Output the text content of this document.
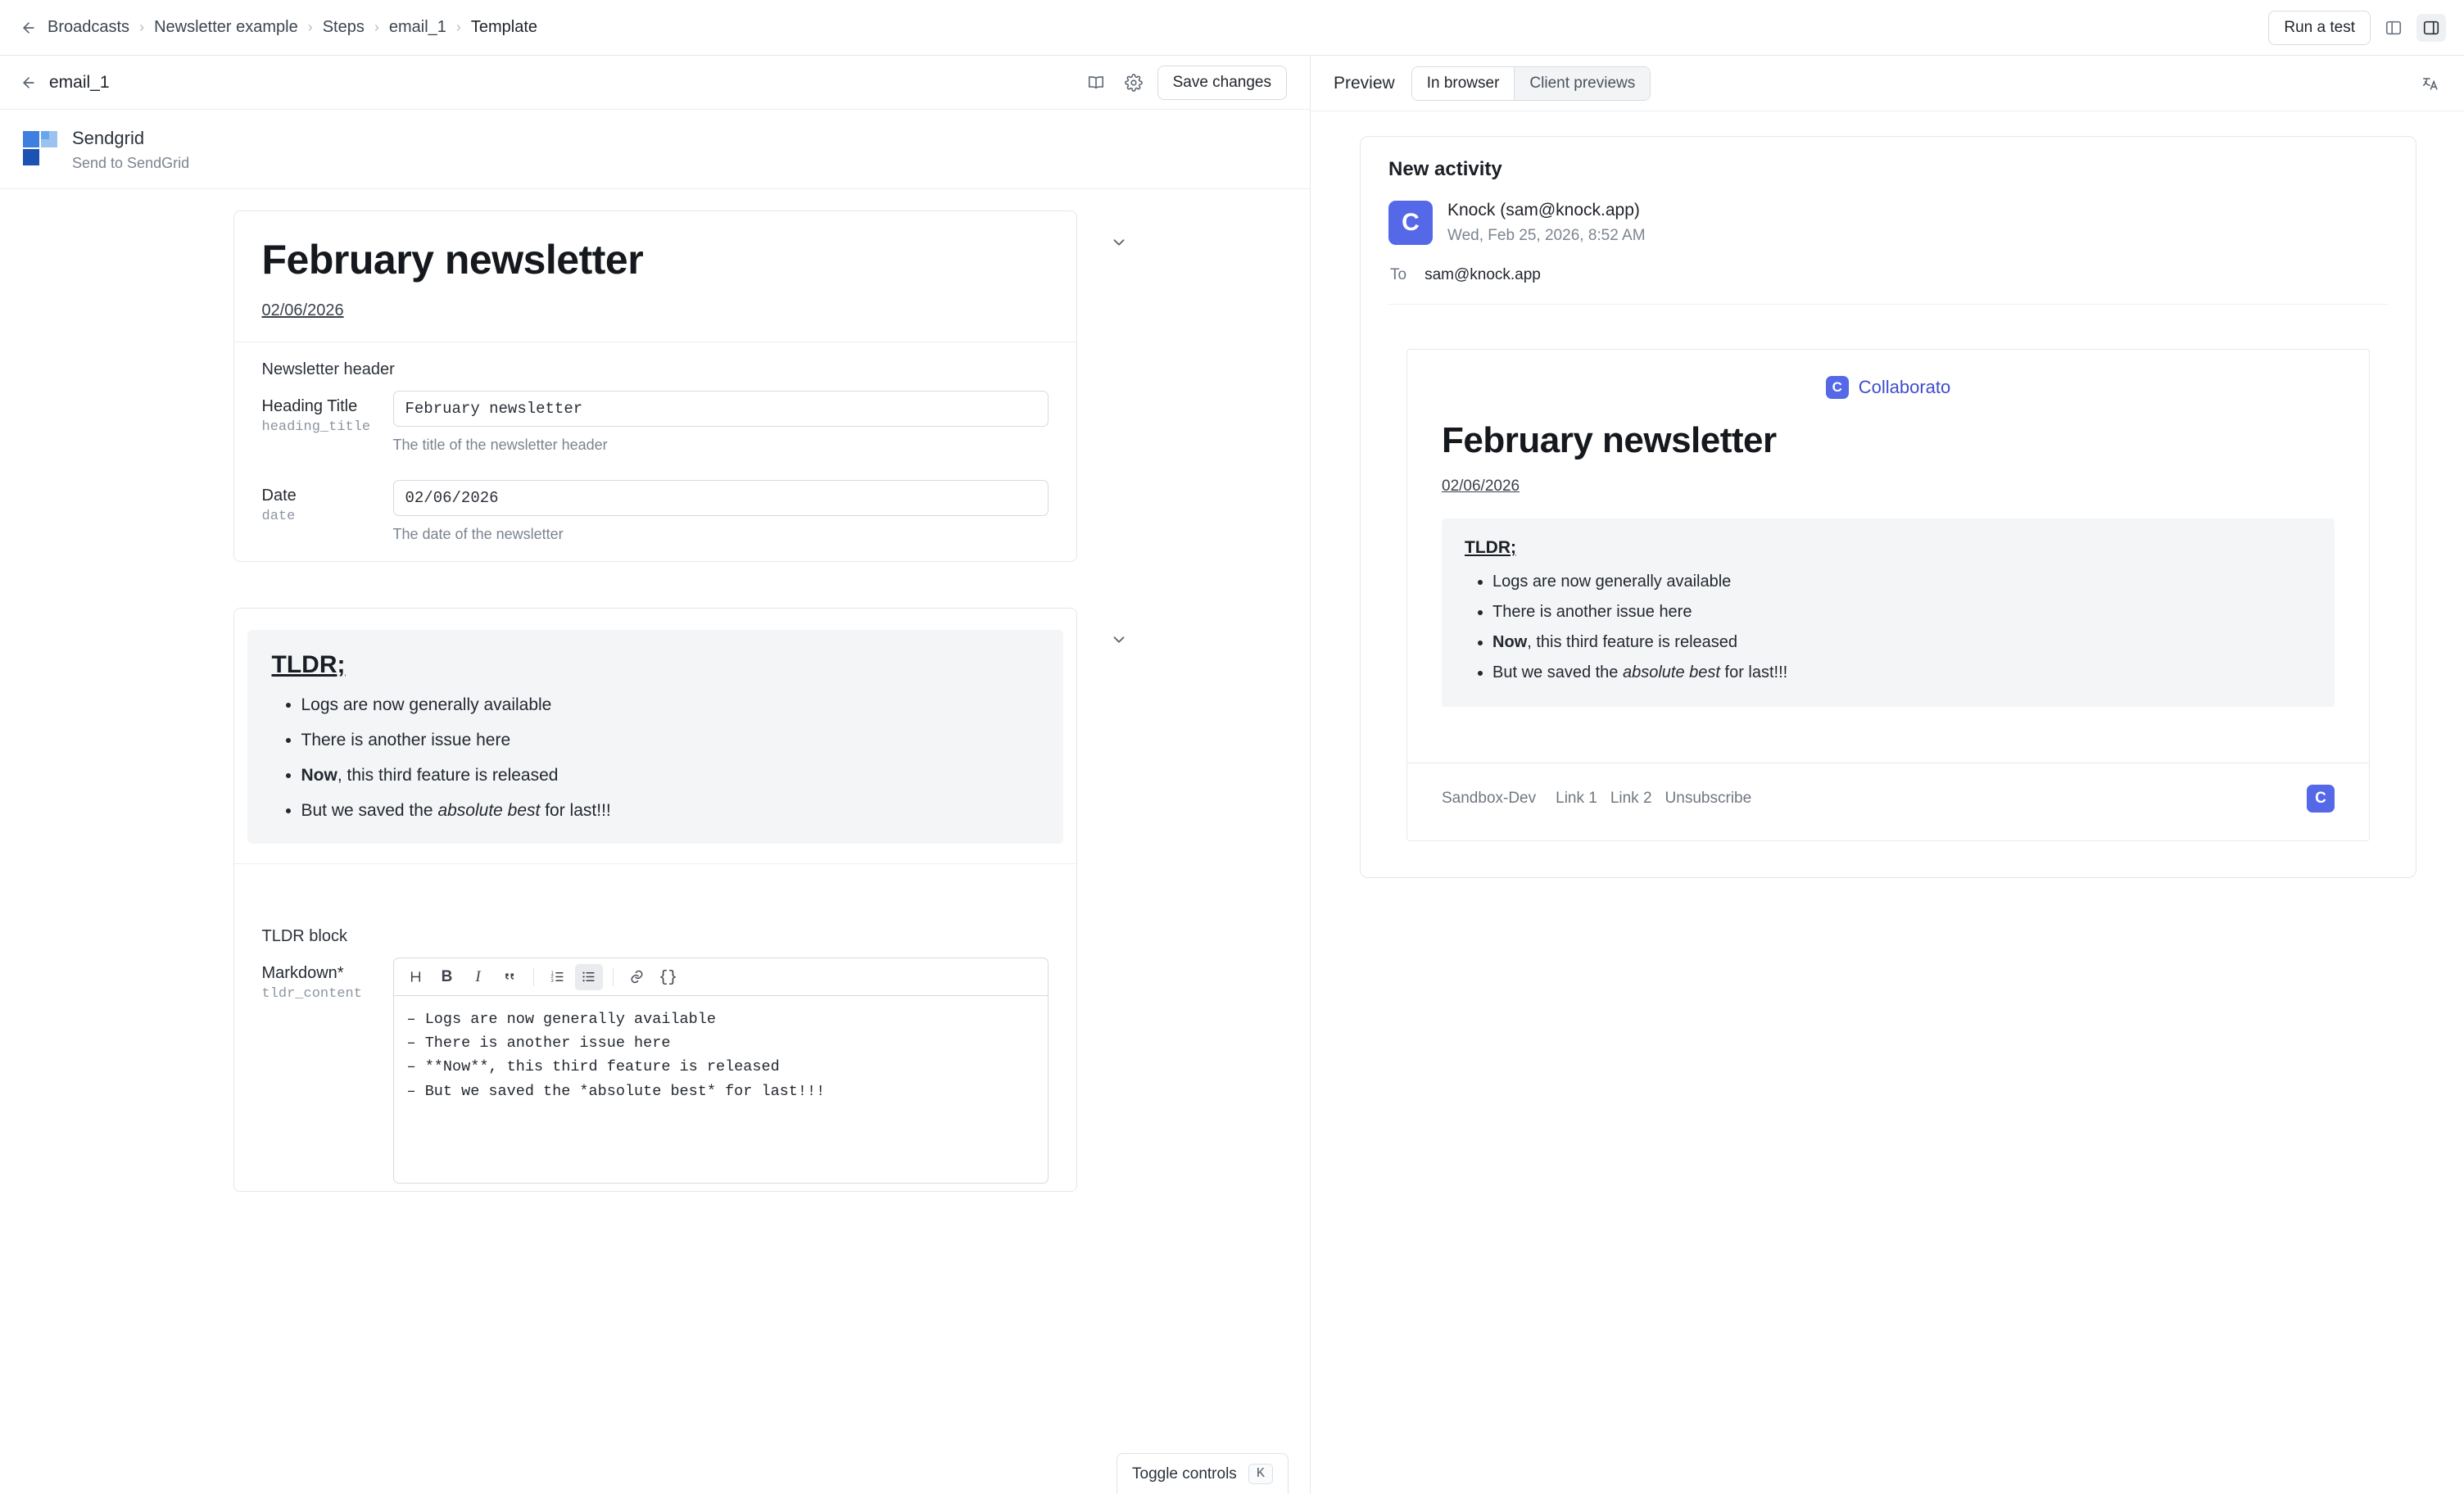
Broadcasts › Newsletter example › Steps › email_1 › Template	Run a test
email_1	Save changes
Sendgrid
Send to SendGrid
February newsletter
02/06/2026
Newsletter header
Heading Title
heading_title
February newsletter
The title of the newsletter header
Date
date
02/06/2026
The date of the newsletter
TLDR;
• Logs are now generally available
• There is another issue here
• Now, this third feature is released
• But we saved the absolute best for last!!!
TLDR block
Markdown*
tldr_content
B I	1
2
3	{}
– Logs are now generally available – There is another issue here – **Now**, this third feature is released – But we saved the *absolute best* for last!!!
Toggle controls	K
Preview	In browser	Client previews
New activity
C	Knock (sam@knock.app)
Wed, Feb 25, 2026, 8:52 AM
To sam@knock.app
C Collaborato
February newsletter
02/06/2026
TLDR;
• Logs are now generally available
• There is another issue here
• Now, this third feature is released
• But we saved the absolute best for last!!!
Sandbox-Dev Link 1 Link 2 Unsubscribe	C
